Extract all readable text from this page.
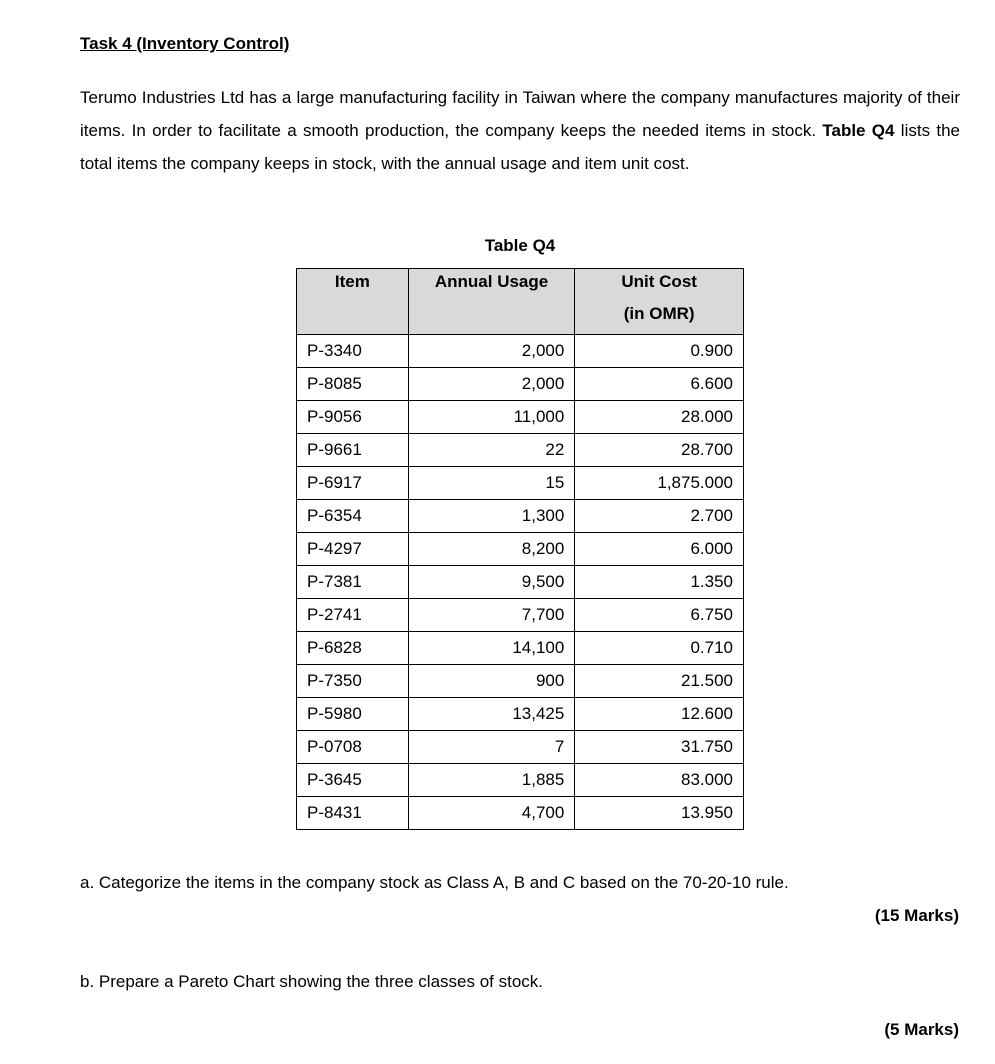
Task 4 (Inventory Control)

Terumo Industries Ltd has a large manufacturing facility in Taiwan where the company manufactures majority of their items. In order to facilitate a smooth production, the company keeps the needed items in stock. Table Q4 lists the total items the company keeps in stock, with the annual usage and item unit cost.

Table Q4

Item	Annual Usage	Unit Cost
(in OMR)

P-3340	2,000	0.900
P-8085	2,000	6.600
P-9056	11,000	28.000
P-9661	22	28.700
P-6917	15	1,875.000
P-6354	1,300	2.700
P-4297	8,200	6.000
P-7381	9,500	1.350
P-2741	7,700	6.750
P-6828	14,100	0.710
P-7350	900	21.500
P-5980	13,425	12.600
P-0708	7	31.750
P-3645	1,885	83.000
P-8431	4,700	13.950

a. Categorize the items in the company stock as Class A, B and C based on the 70-20-10 rule.

(15 Marks)

b. Prepare a Pareto Chart showing the three classes of stock.

(5 Marks)
